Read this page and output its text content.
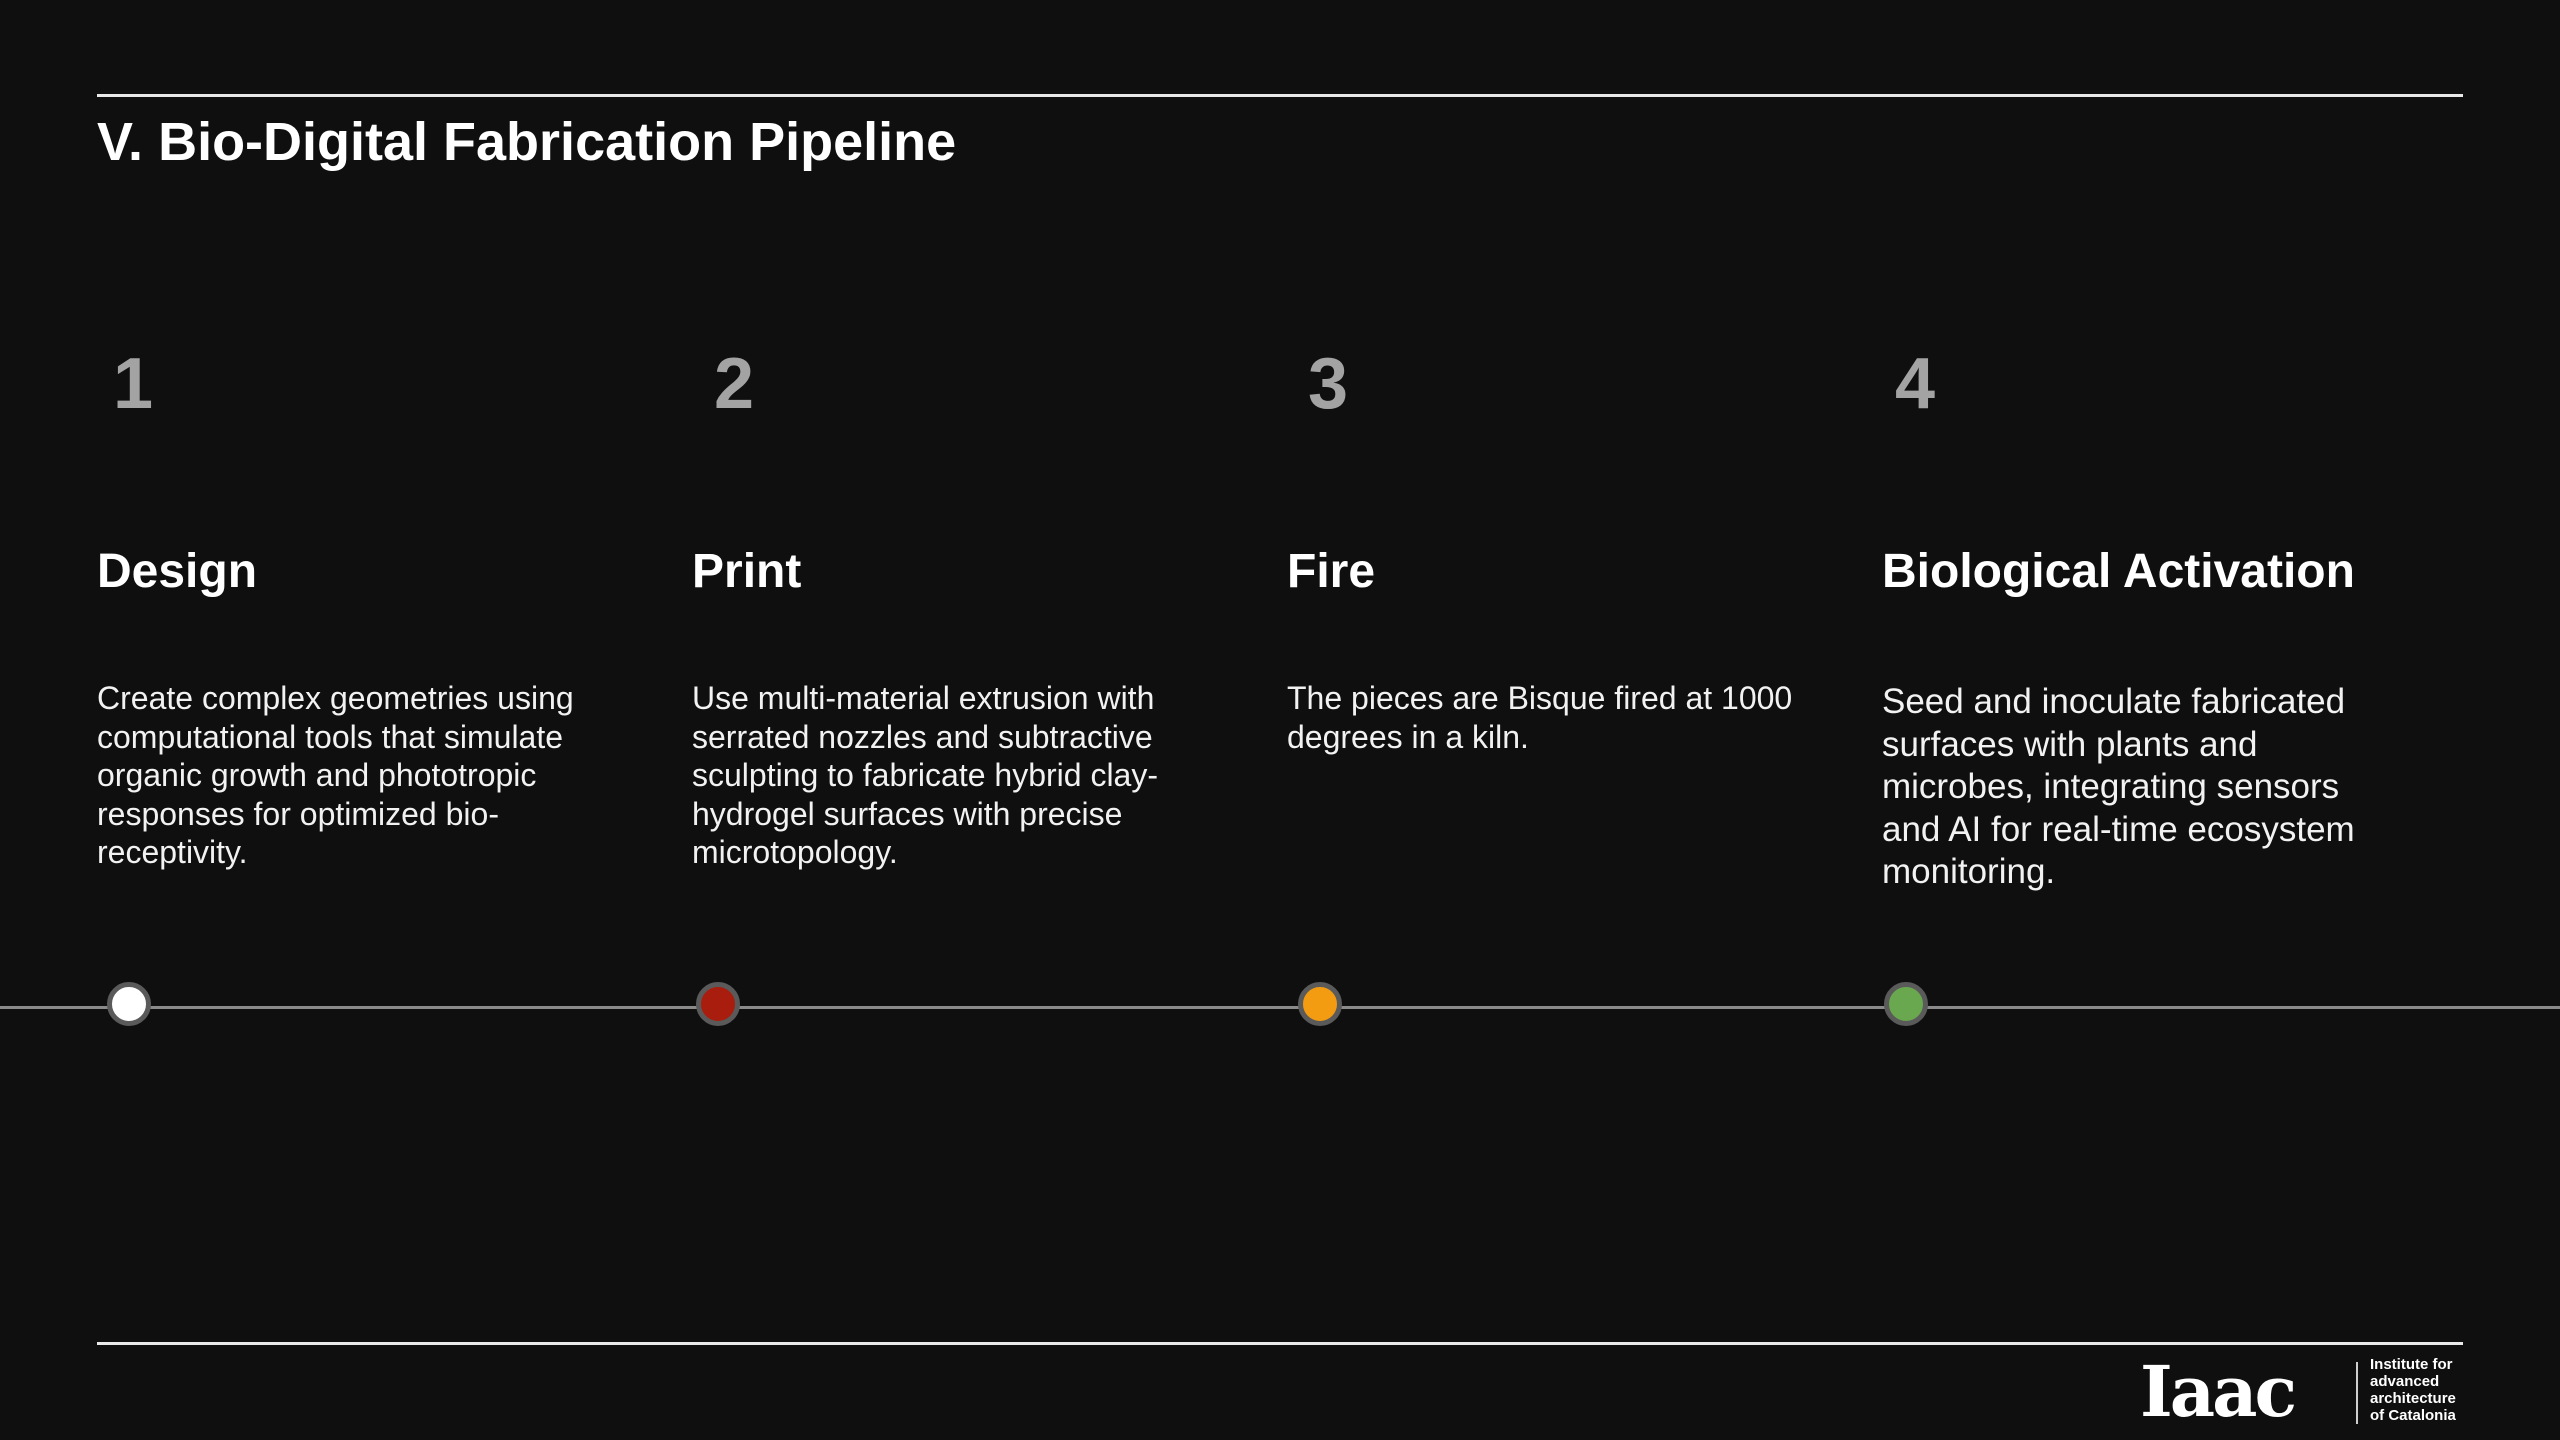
V. Bio-Digital Fabrication Pipeline
1
Design
Create complex geometries using computational tools that simulate organic growth and phototropic responses for optimized bio-receptivity.
2
Print
Use multi-material extrusion with serrated nozzles and subtractive sculpting to fabricate hybrid clay-hydrogel surfaces with precise microtopology.
3
Fire
The pieces are Bisque fired at 1000 degrees in a kiln.
4
Biological Activation
Seed and inoculate fabricated surfaces with plants and microbes, integrating sensors and AI for real-time ecosystem monitoring.
Iaac	Institute for
advanced
architecture
of Catalonia
